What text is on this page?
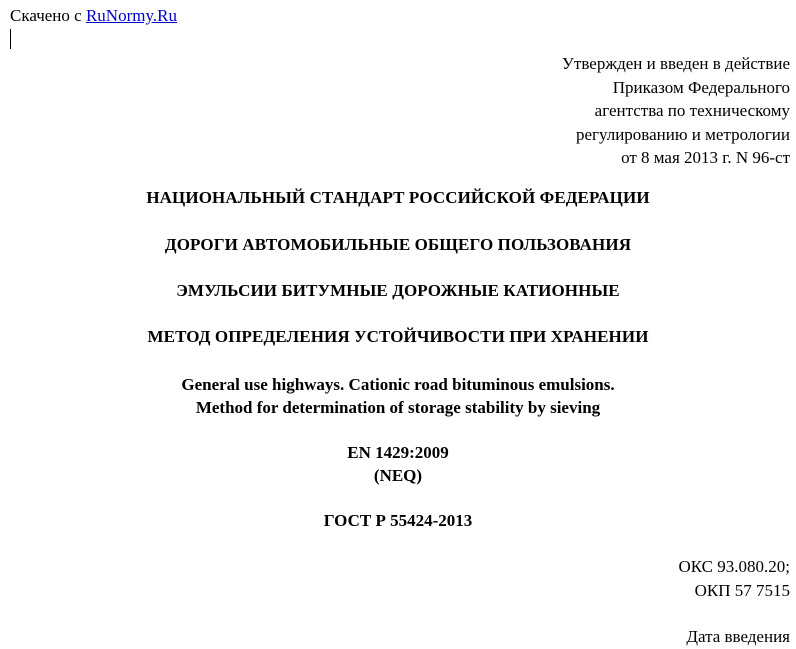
Скачено с RuNormy.Ru
Утвержден и введен в действие
Приказом Федерального
агентства по техническому
регулированию и метрологии
от 8 мая 2013 г. N 96-ст
НАЦИОНАЛЬНЫЙ СТАНДАРТ РОССИЙСКОЙ ФЕДЕРАЦИИ
ДОРОГИ АВТОМОБИЛЬНЫЕ ОБЩЕГО ПОЛЬЗОВАНИЯ
ЭМУЛЬСИИ БИТУМНЫЕ ДОРОЖНЫЕ КАТИОННЫЕ
МЕТОД ОПРЕДЕЛЕНИЯ УСТОЙЧИВОСТИ ПРИ ХРАНЕНИИ
General use highways. Cationic road bituminous emulsions.
Method for determination of storage stability by sieving
EN 1429:2009
(NEQ)
ГОСТ Р 55424-2013
ОКС 93.080.20;
ОКП 57 7515
Дата введения
